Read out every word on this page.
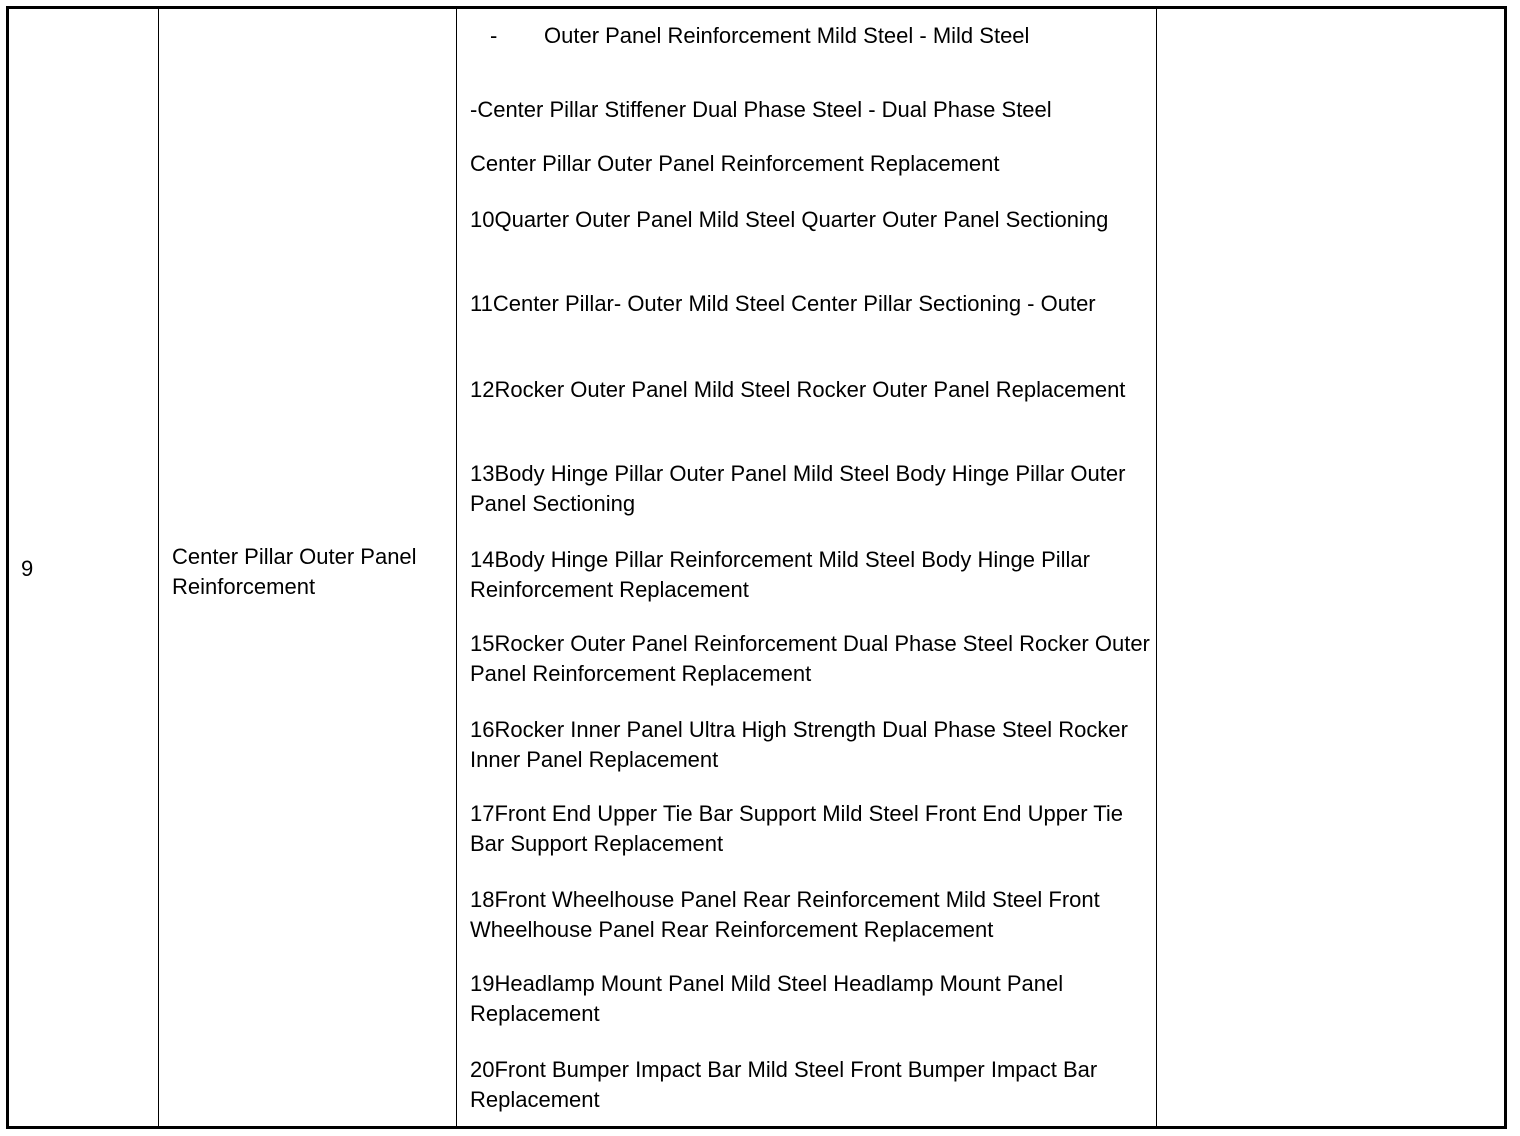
9	Center Pillar Outer Panel Reinforcement
- Outer Panel Reinforcement Mild Steel - Mild Steel
-Center Pillar Stiffener Dual Phase Steel - Dual Phase Steel
Center Pillar Outer Panel Reinforcement Replacement
10Quarter Outer Panel Mild Steel Quarter Outer Panel Sectioning
11Center Pillar- Outer Mild Steel Center Pillar Sectioning - Outer
12Rocker Outer Panel Mild Steel Rocker Outer Panel Replacement
13Body Hinge Pillar Outer Panel Mild Steel Body Hinge Pillar Outer Panel Sectioning
14Body Hinge Pillar Reinforcement Mild Steel Body Hinge Pillar Reinforcement Replacement
15Rocker Outer Panel Reinforcement Dual Phase Steel Rocker Outer Panel Reinforcement Replacement
16Rocker Inner Panel Ultra High Strength Dual Phase Steel Rocker Inner Panel Replacement
17Front End Upper Tie Bar Support Mild Steel Front End Upper Tie Bar Support Replacement
18Front Wheelhouse Panel Rear Reinforcement Mild Steel Front Wheelhouse Panel Rear Reinforcement Replacement
19Headlamp Mount Panel Mild Steel Headlamp Mount Panel Replacement
20Front Bumper Impact Bar Mild Steel Front Bumper Impact Bar Replacement
